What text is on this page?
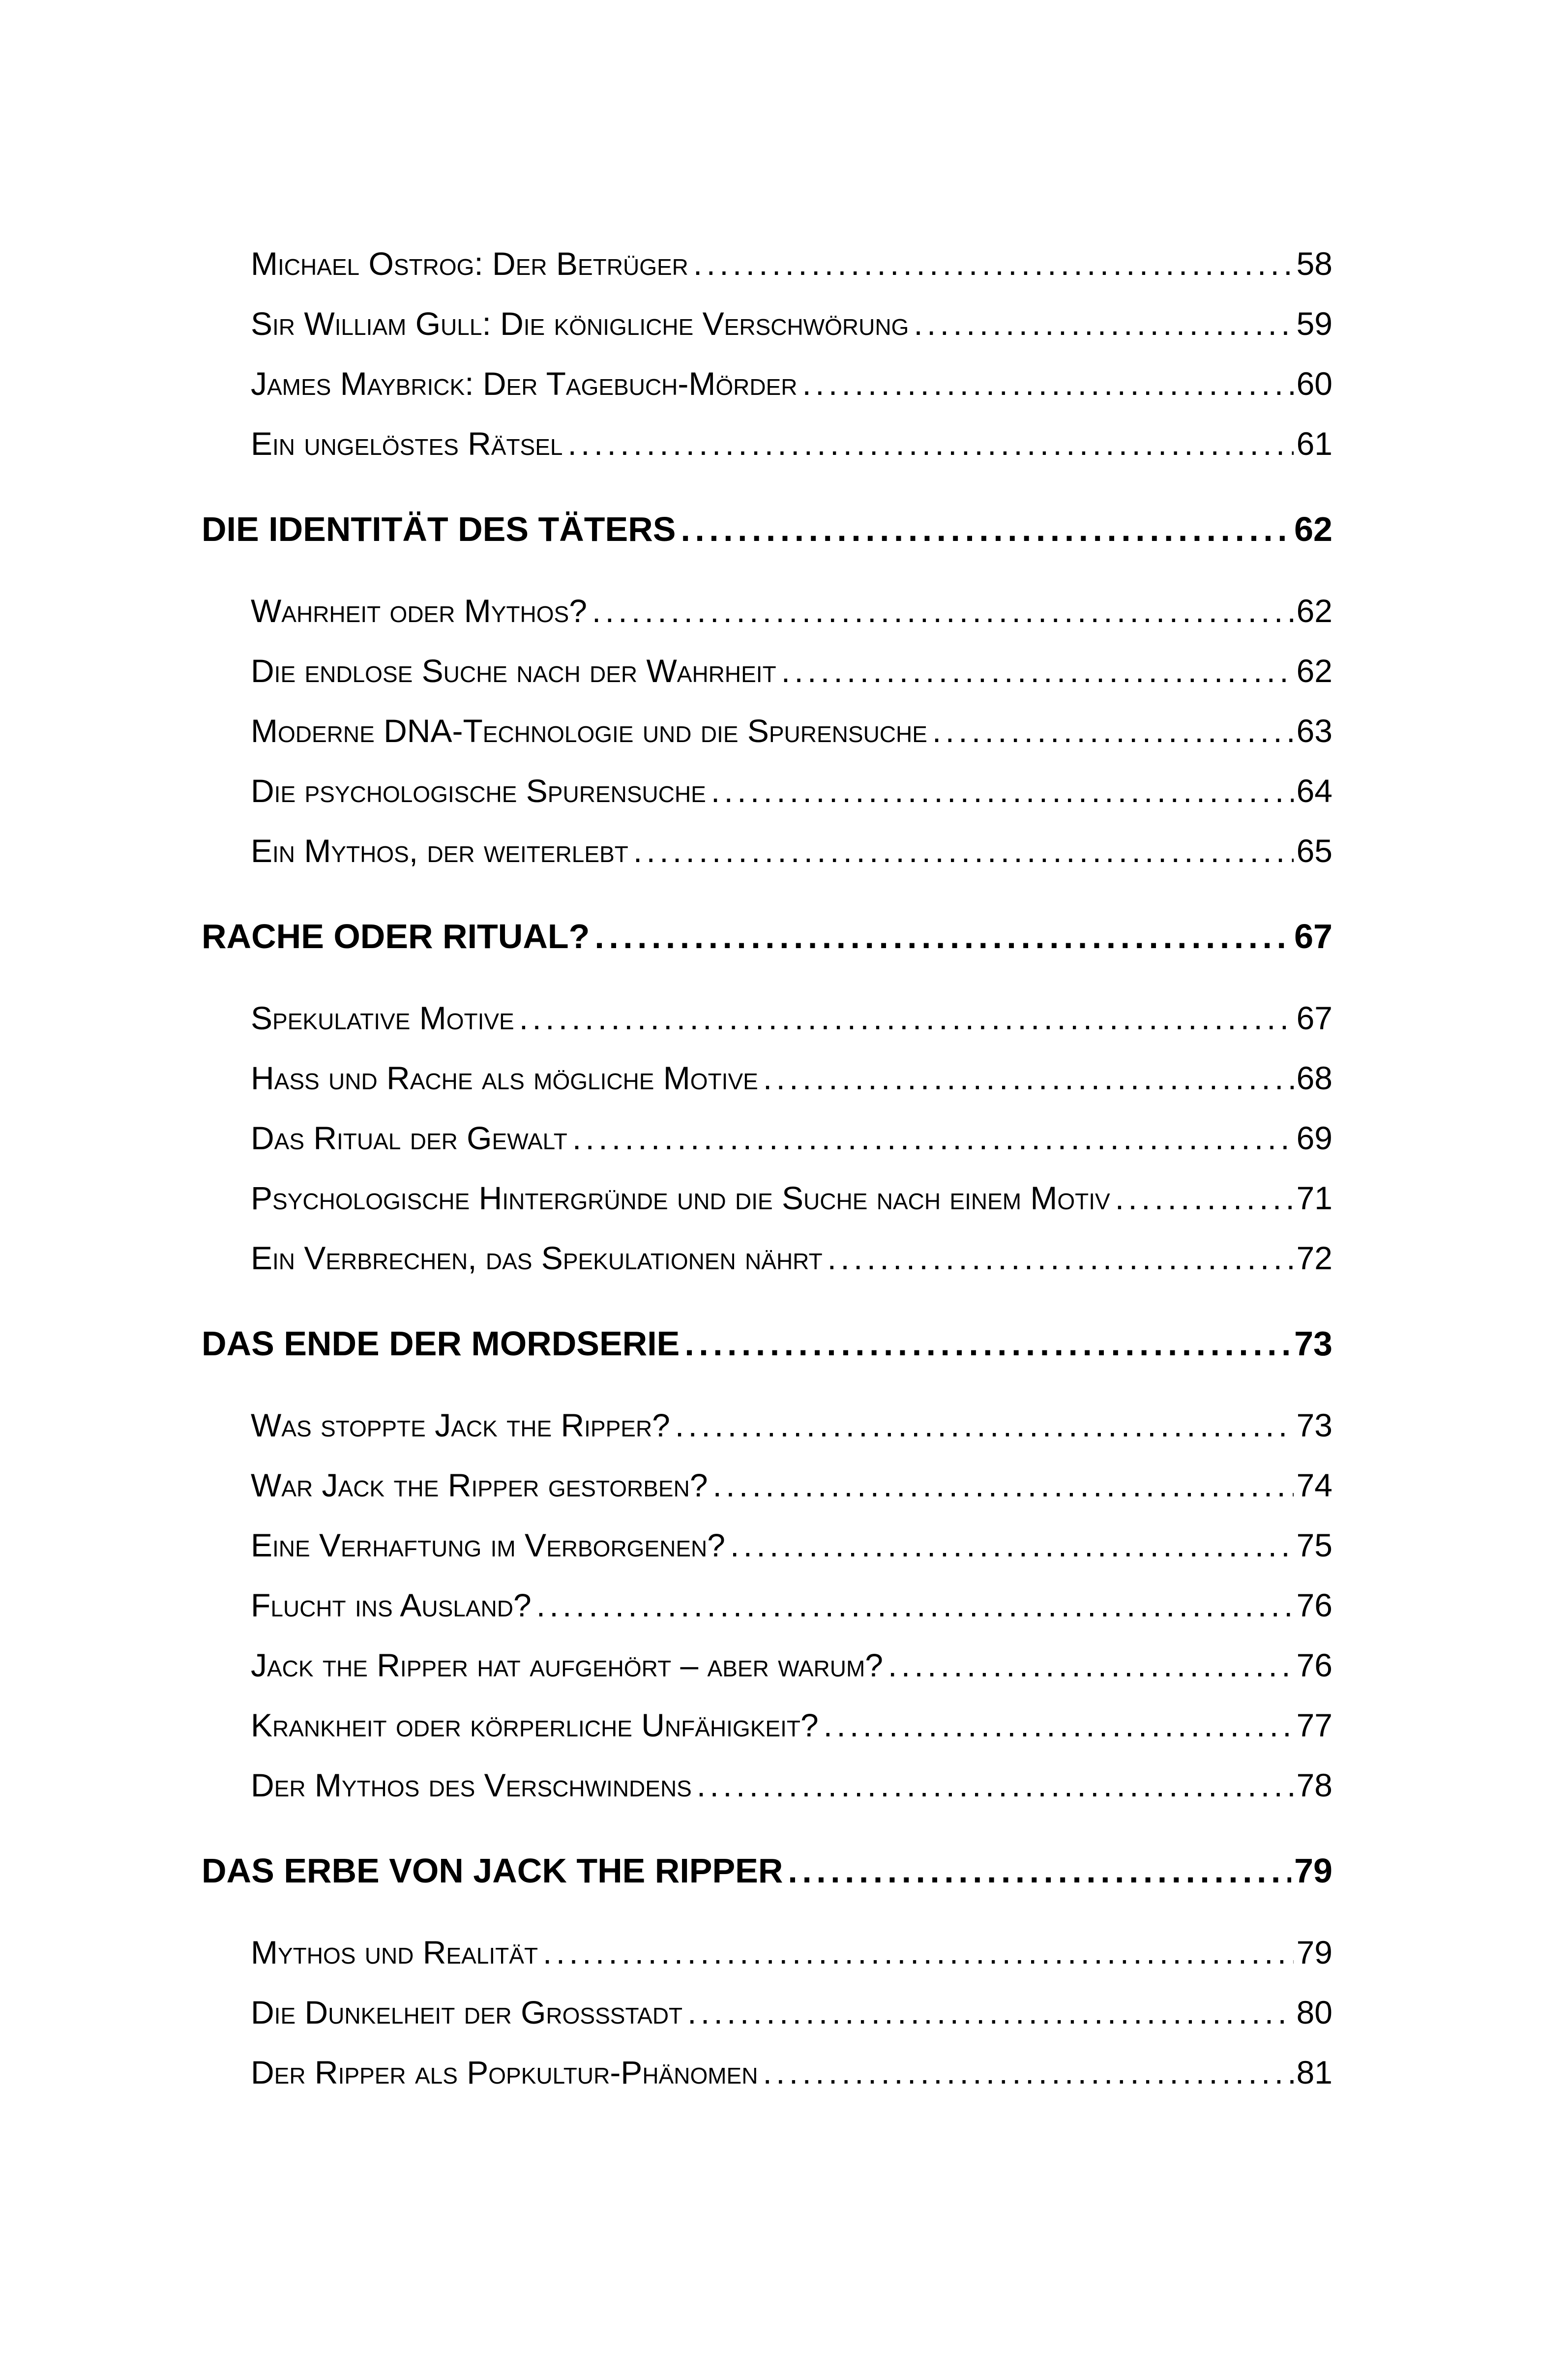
Michael Ostrog: Der Betrüger . . .	58
Sir William Gull: Die königliche Verschwörung . . .	59
James Maybrick: Der Tagebuch-Mörder . . .	60
Ein ungelöstes Rätsel . . .	61
DIE IDENTITÄT DES TÄTERS . . .	62
Wahrheit oder Mythos? . . .	62
Die endlose Suche nach der Wahrheit . . .	62
Moderne DNA-Technologie und die Spurensuche . . .	63
Die psychologische Spurensuche . . .	64
Ein Mythos, der weiterlebt . . .	65
RACHE ODER RITUAL? . . .	67
Spekulative Motive . . .	67
Hass und Rache als mögliche Motive . . .	68
Das Ritual der Gewalt . . .	69
Psychologische Hintergründe und die Suche nach einem Motiv . . .	71
Ein Verbrechen, das Spekulationen nährt . . .	72
DAS ENDE DER MORDSERIE . . .	73
Was stoppte Jack the Ripper? . . .	73
War Jack the Ripper gestorben? . . .	74
Eine Verhaftung im Verborgenen? . . .	75
Flucht ins Ausland? . . .	76
Jack the Ripper hat aufgehört – aber warum? . . .	76
Krankheit oder körperliche Unfähigkeit? . . .	77
Der Mythos des Verschwindens . . .	78
DAS ERBE VON JACK THE RIPPER . . .	79
Mythos und Realität . . .	79
Die Dunkelheit der Großstadt . . .	80
Der Ripper als Popkultur-Phänomen . . .	81
